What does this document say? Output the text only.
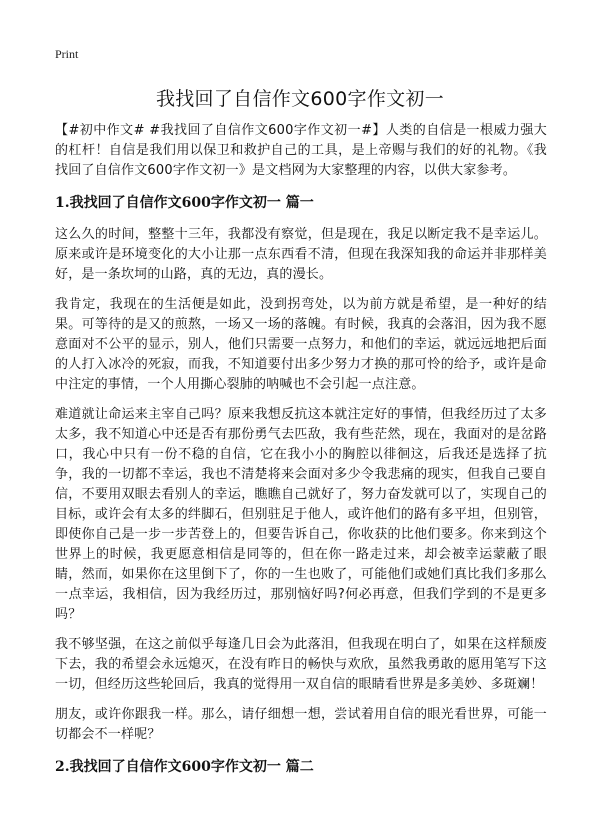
Print
我找回了自信作文600字作文初一

【#初中作文# #我找回了自信作文600字作文初一#】人类的自信是一根威力强大的杠杆！自信是我们用以保卫和救护自己的工具，是上帝赐与我们的好的礼物。《我找回了自信作文600字作文初一》是文档网为大家整理的内容，以供大家参考。

1.我找回了自信作文600字作文初一 篇一

这么久的时间，整整十三年，我都没有察觉，但是现在，我足以断定我不是幸运儿。原来或许是环境变化的大小让那一点东西看不清，但现在我深知我的命运并非那样美好，是一条坎坷的山路，真的无边，真的漫长。

我肯定，我现在的生活便是如此，没到拐弯处，以为前方就是希望，是一种好的结果。可等待的是又的煎熬，一场又一场的落魄。有时候，我真的会落泪，因为我不愿意面对不公平的显示，别人，他们只需要一点努力，和他们的幸运，就远远地把后面的人打入冰冷的死寂，而我，不知道要付出多少努力才换的那可怜的给予，或许是命中注定的事情，一个人用撕心裂肺的呐喊也不会引起一点注意。

难道就让命运来主宰自己吗？原来我想反抗这本就注定好的事情，但我经历过了太多太多，我不知道心中还是否有那份勇气去匹敌，我有些茫然，现在，我面对的是岔路口，我心中只有一份不稳的自信，它在我小小的胸腔以徘徊这，后我还是选择了抗争，我的一切都不幸运，我也不清楚将来会面对多少令我悲痛的现实，但我自己要自信，不要用双眼去看别人的幸运，瞧瞧自己就好了，努力奋发就可以了，实现自己的目标，或许会有太多的绊脚石，但别驻足于他人，或许他们的路有多平坦，但别管，即使你自己是一步一步苦登上的，但要告诉自己，你收获的比他们要多。你来到这个世界上的时候，我更愿意相信是同等的，但在你一路走过来，却会被幸运蒙蔽了眼睛，然而，如果你在这里倒下了，你的一生也败了，可能他们或她们真比我们多那么一点幸运，我相信，因为我经历过，那别恼好吗?何必再意，但我们学到的不是更多吗？

我不够坚强，在这之前似乎每逢几日会为此落泪，但我现在明白了，如果在这样颓废下去，我的希望会永远熄灭，在没有昨日的畅快与欢欣，虽然我勇敢的愿用笔写下这一切，但经历这些轮回后，我真的觉得用一双自信的眼睛看世界是多美妙、多斑斓！

朋友，或许你跟我一样。那么，请仔细想一想，尝试着用自信的眼光看世界，可能一切都会不一样呢？

2.我找回了自信作文600字作文初一 篇二
